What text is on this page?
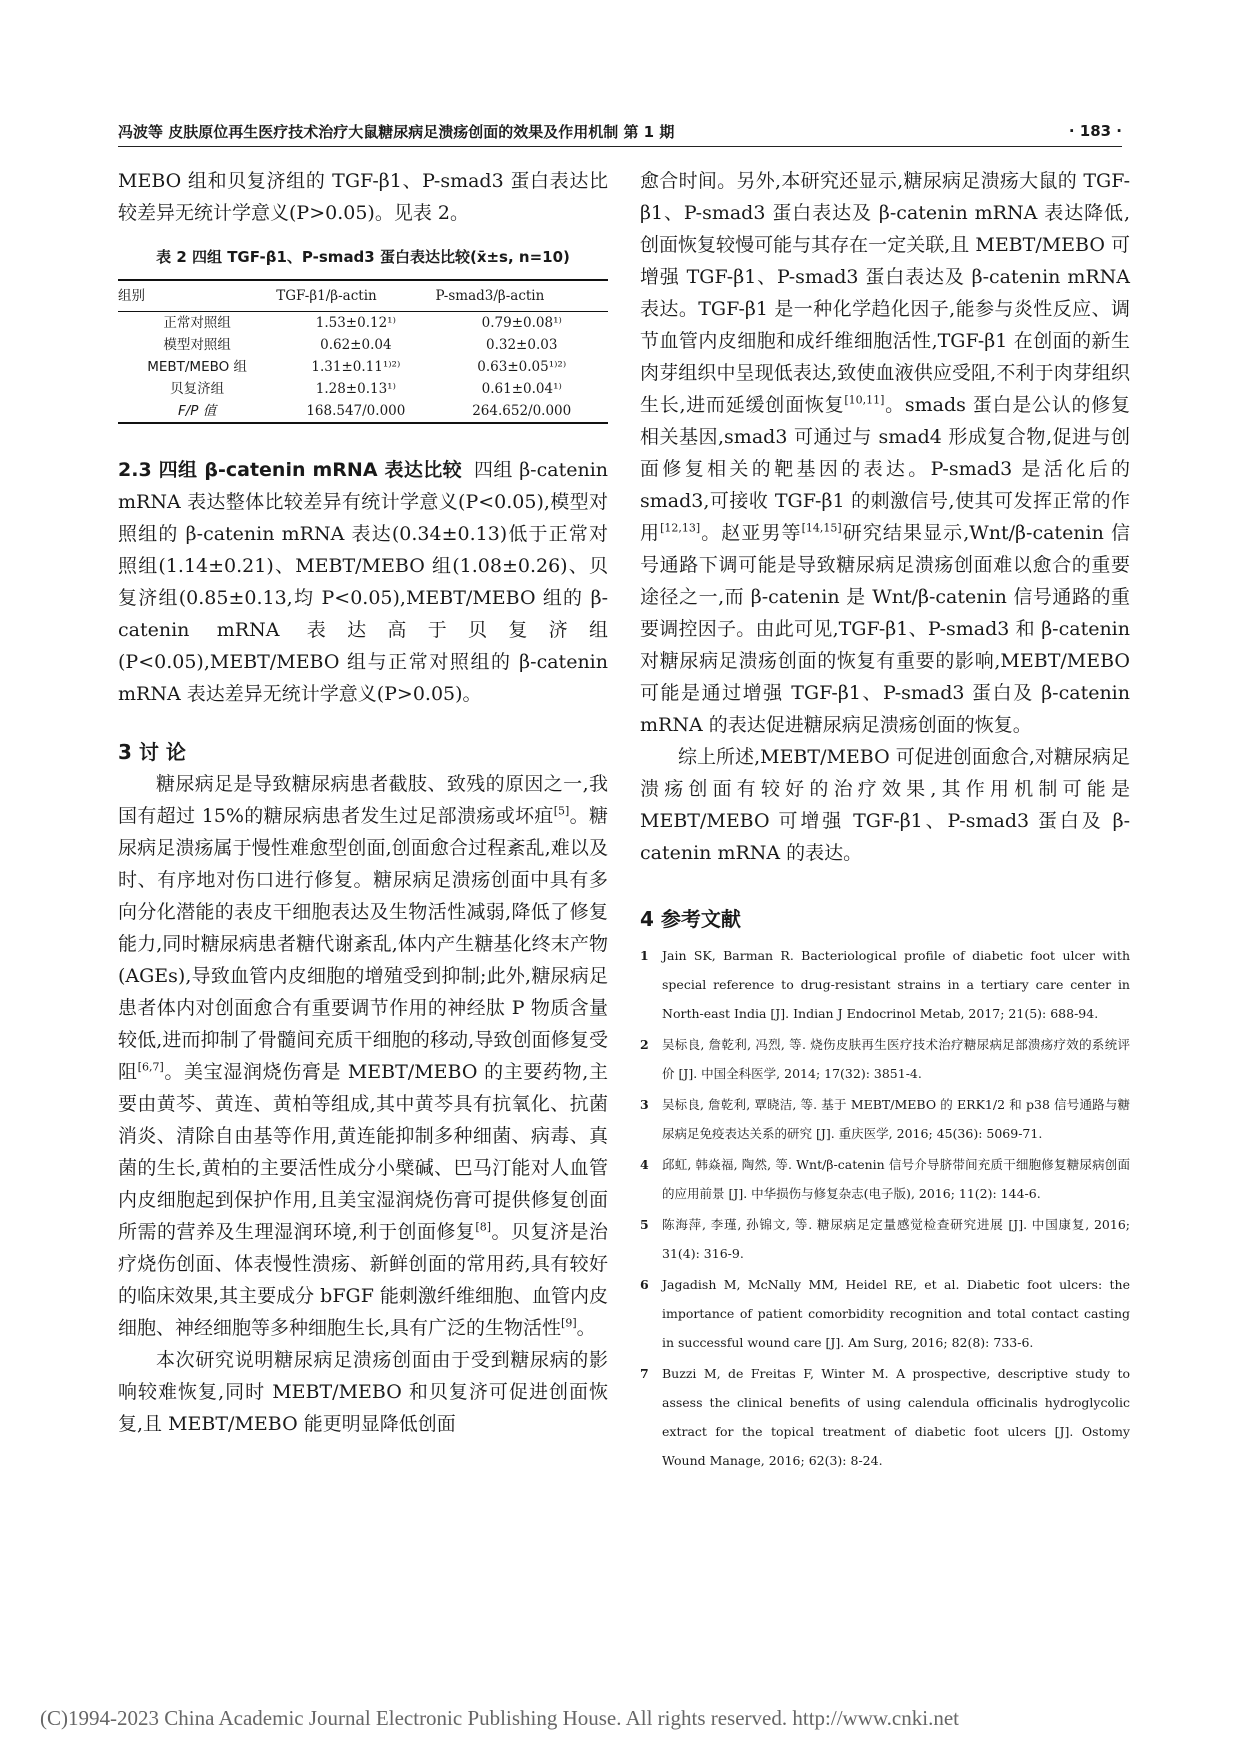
冯波等 皮肤原位再生医疗技术治疗大鼠糖尿病足溃疡创面的效果及作用机制 第 1 期	· 183 ·

MEBO 组和贝复济组的 TGF-β1、P-smad3 蛋白表达比较差异无统计学意义(P>0.05)。见表 2。

表 2 四组 TGF-β1、P-smad3 蛋白表达比较(x̄±s, n=10)
组别	TGF-β1/β-actin	P-smad3/β-actin
正常对照组	1.53±0.12¹⁾	0.79±0.08¹⁾
模型对照组	0.62±0.04	0.32±0.03
MEBT/MEBO 组	1.31±0.11¹⁾²⁾	0.63±0.05¹⁾²⁾
贝复济组	1.28±0.13¹⁾	0.61±0.04¹⁾
F/P 值	168.547/0.000	264.652/0.000

2.3 四组 β-catenin mRNA 表达比较 四组 β-catenin mRNA 表达整体比较差异有统计学意义(P<0.05),模型对照组的 β-catenin mRNA 表达(0.34±0.13)低于正常对照组(1.14±0.21)、MEBT/MEBO 组(1.08±0.26)、贝复济组(0.85±0.13,均 P<0.05),MEBT/MEBO 组的 β-catenin mRNA 表达高于贝复济组(P<0.05),MEBT/MEBO 组与正常对照组的 β-catenin mRNA 表达差异无统计学意义(P>0.05)。

3 讨 论

糖尿病足是导致糖尿病患者截肢、致残的原因之一,我国有超过 15%的糖尿病患者发生过足部溃疡或坏疽[5]。糖尿病足溃疡属于慢性难愈型创面,创面愈合过程紊乱,难以及时、有序地对伤口进行修复。糖尿病足溃疡创面中具有多向分化潜能的表皮干细胞表达及生物活性减弱,降低了修复能力,同时糖尿病患者糖代谢紊乱,体内产生糖基化终末产物(AGEs),导致血管内皮细胞的增殖受到抑制;此外,糖尿病足患者体内对创面愈合有重要调节作用的神经肽 P 物质含量较低,进而抑制了骨髓间充质干细胞的移动,导致创面修复受阻[6,7]。美宝湿润烧伤膏是 MEBT/MEBO 的主要药物,主要由黄芩、黄连、黄柏等组成,其中黄芩具有抗氧化、抗菌消炎、清除自由基等作用,黄连能抑制多种细菌、病毒、真菌的生长,黄柏的主要活性成分小檗碱、巴马汀能对人血管内皮细胞起到保护作用,且美宝湿润烧伤膏可提供修复创面所需的营养及生理湿润环境,利于创面修复[8]。贝复济是治疗烧伤创面、体表慢性溃疡、新鲜创面的常用药,具有较好的临床效果,其主要成分 bFGF 能刺激纤维细胞、血管内皮细胞、神经细胞等多种细胞生长,具有广泛的生物活性[9]。

本次研究说明糖尿病足溃疡创面由于受到糖尿病的影响较难恢复,同时 MEBT/MEBO 和贝复济可促进创面恢复,且 MEBT/MEBO 能更明显降低创面

愈合时间。另外,本研究还显示,糖尿病足溃疡大鼠的 TGF-β1、P-smad3 蛋白表达及 β-catenin mRNA 表达降低,创面恢复较慢可能与其存在一定关联,且 MEBT/MEBO 可增强 TGF-β1、P-smad3 蛋白表达及 β-catenin mRNA 表达。TGF-β1 是一种化学趋化因子,能参与炎性反应、调节血管内皮细胞和成纤维细胞活性,TGF-β1 在创面的新生肉芽组织中呈现低表达,致使血液供应受阻,不利于肉芽组织生长,进而延缓创面恢复[10,11]。smads 蛋白是公认的修复相关基因,smad3 可通过与 smad4 形成复合物,促进与创面修复相关的靶基因的表达。P-smad3 是活化后的 smad3,可接收 TGF-β1 的刺激信号,使其可发挥正常的作用[12,13]。赵亚男等[14,15]研究结果显示,Wnt/β-catenin 信号通路下调可能是导致糖尿病足溃疡创面难以愈合的重要途径之一,而 β-catenin 是 Wnt/β-catenin 信号通路的重要调控因子。由此可见,TGF-β1、P-smad3 和 β-catenin 对糖尿病足溃疡创面的恢复有重要的影响,MEBT/MEBO 可能是通过增强 TGF-β1、P-smad3 蛋白及 β-catenin mRNA 的表达促进糖尿病足溃疡创面的恢复。

综上所述,MEBT/MEBO 可促进创面愈合,对糖尿病足溃疡创面有较好的治疗效果,其作用机制可能是 MEBT/MEBO 可增强 TGF-β1、P-smad3 蛋白及 β-catenin mRNA 的表达。

4 参考文献
1	Jain SK, Barman R. Bacteriological profile of diabetic foot ulcer with special reference to drug-resistant strains in a tertiary care center in North-east India [J]. Indian J Endocrinol Metab, 2017; 21(5): 688-94.
2	吴标良, 詹乾利, 冯烈, 等. 烧伤皮肤再生医疗技术治疗糖尿病足部溃疡疗效的系统评价 [J]. 中国全科医学, 2014; 17(32): 3851-4.
3	吴标良, 詹乾利, 覃晓洁, 等. 基于 MEBT/MEBO 的 ERK1/2 和 p38 信号通路与糖尿病足免疫表达关系的研究 [J]. 重庆医学, 2016; 45(36): 5069-71.
4	邱虹, 韩焱福, 陶然, 等. Wnt/β-catenin 信号介导脐带间充质干细胞修复糖尿病创面的应用前景 [J]. 中华损伤与修复杂志(电子版), 2016; 11(2): 144-6.
5	陈海萍, 李瑾, 孙锦文, 等. 糖尿病足定量感觉检查研究进展 [J]. 中国康复, 2016; 31(4): 316-9.
6	Jagadish M, McNally MM, Heidel RE, et al. Diabetic foot ulcers: the importance of patient comorbidity recognition and total contact casting in successful wound care [J]. Am Surg, 2016; 82(8): 733-6.
7	Buzzi M, de Freitas F, Winter M. A prospective, descriptive study to assess the clinical benefits of using calendula officinalis hydroglycolic extract for the topical treatment of diabetic foot ulcers [J]. Ostomy Wound Manage, 2016; 62(3): 8-24.
(C)1994-2023 China Academic Journal Electronic Publishing House. All rights reserved. http://www.cnki.net
